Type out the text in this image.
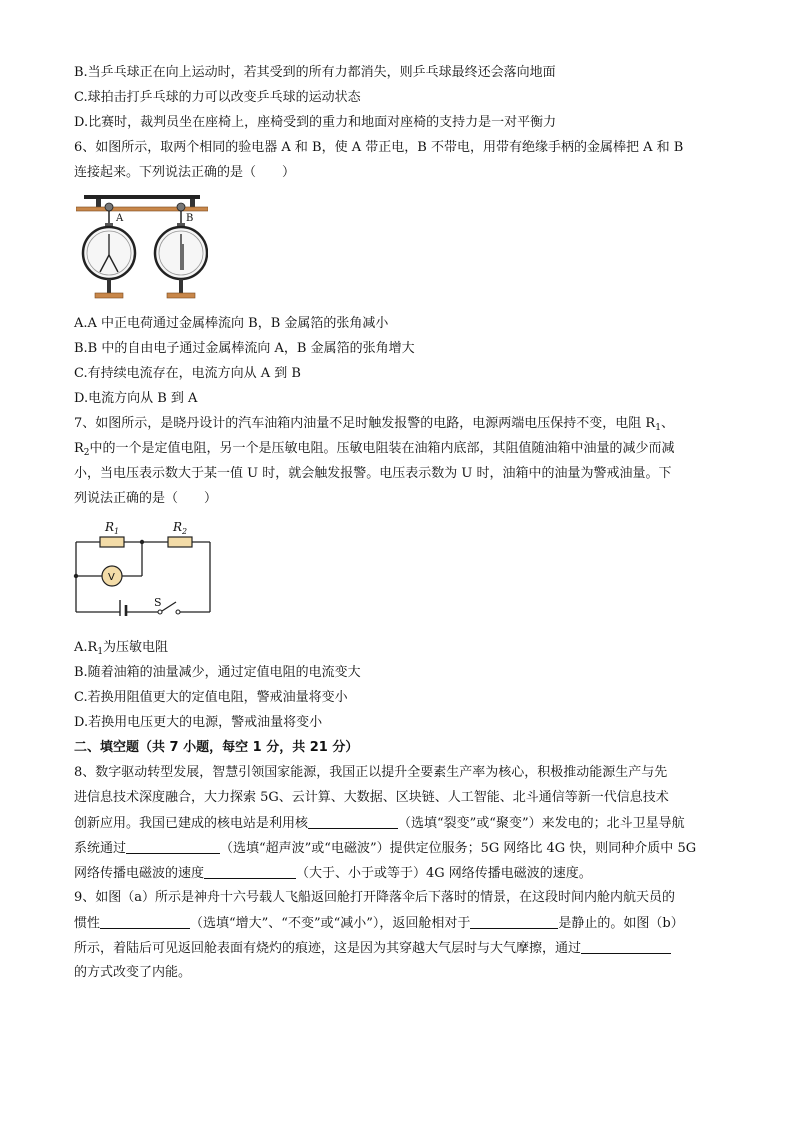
B.当乒乓球正在向上运动时，若其受到的所有力都消失，则乒乓球最终还会落向地面
C.球拍击打乒乓球的力可以改变乒乓球的运动状态
D.比赛时，裁判员坐在座椅上，座椅受到的重力和地面对座椅的支持力是一对平衡力
6、如图所示，取两个相同的验电器 A 和 B，使 A 带正电，B 不带电，用带有绝缘手柄的金属棒把 A 和 B
连接起来。下列说法正确的是（　　）
A	B
A.A 中正电荷通过金属棒流向 B，B 金属箔的张角减小
B.B 中的自由电子通过金属棒流向 A，B 金属箔的张角增大
C.有持续电流存在，电流方向从 A 到 B
D.电流方向从 B 到 A
7、如图所示，是晓丹设计的汽车油箱内油量不足时触发报警的电路，电源两端电压保持不变，电阻 $R_1$、
$R_2$中的一个是定值电阻，另一个是压敏电阻。压敏电阻装在油箱内底部，其阻值随油箱中油量的减少而减
小，当电压表示数大于某一值 U 时，就会触发报警。电压表示数为 U 时，油箱中的油量为警戒油量。下
列说法正确的是（　　）
$R_1$	$R_2$
V
S
$A.R_1$为压敏电阻
B.随着油箱的油量减少，通过定值电阻的电流变大
C.若换用阻值更大的定值电阻，警戒油量将变小
D.若换用电压更大的电源，警戒油量将变小
二、填空题（共 7 小题，每空 1 分，共 21 分）
8、数字驱动转型发展，智慧引领国家能源，我国正以提升全要素生产率为核心，积极推动能源生产与先
进信息技术深度融合，大力探索 5G、云计算、大数据、区块链、人工智能、北斗通信等新一代信息技术
创新应用。我国已建成的核电站是利用核	（选填“裂变”或“聚变”）来发电的；北斗卫星导航
系统通过	（选填“超声波”或“电磁波”）提供定位服务；5G 网络比 4G 快，则同种介质中 5G
网络传播电磁波的速度	（大于、小于或等于）4G 网络传播电磁波的速度。
9、如图（a）所示是神舟十六号载人飞船返回舱打开降落伞后下落时的情景，在这段时间内舱内航天员的
惯性	（选填“增大”、“不变”或“减小”），返回舱相对于	是静止的。如图（b）
所示，着陆后可见返回舱表面有烧灼的痕迹，这是因为其穿越大气层时与大气摩擦，通过
的方式改变了内能。
